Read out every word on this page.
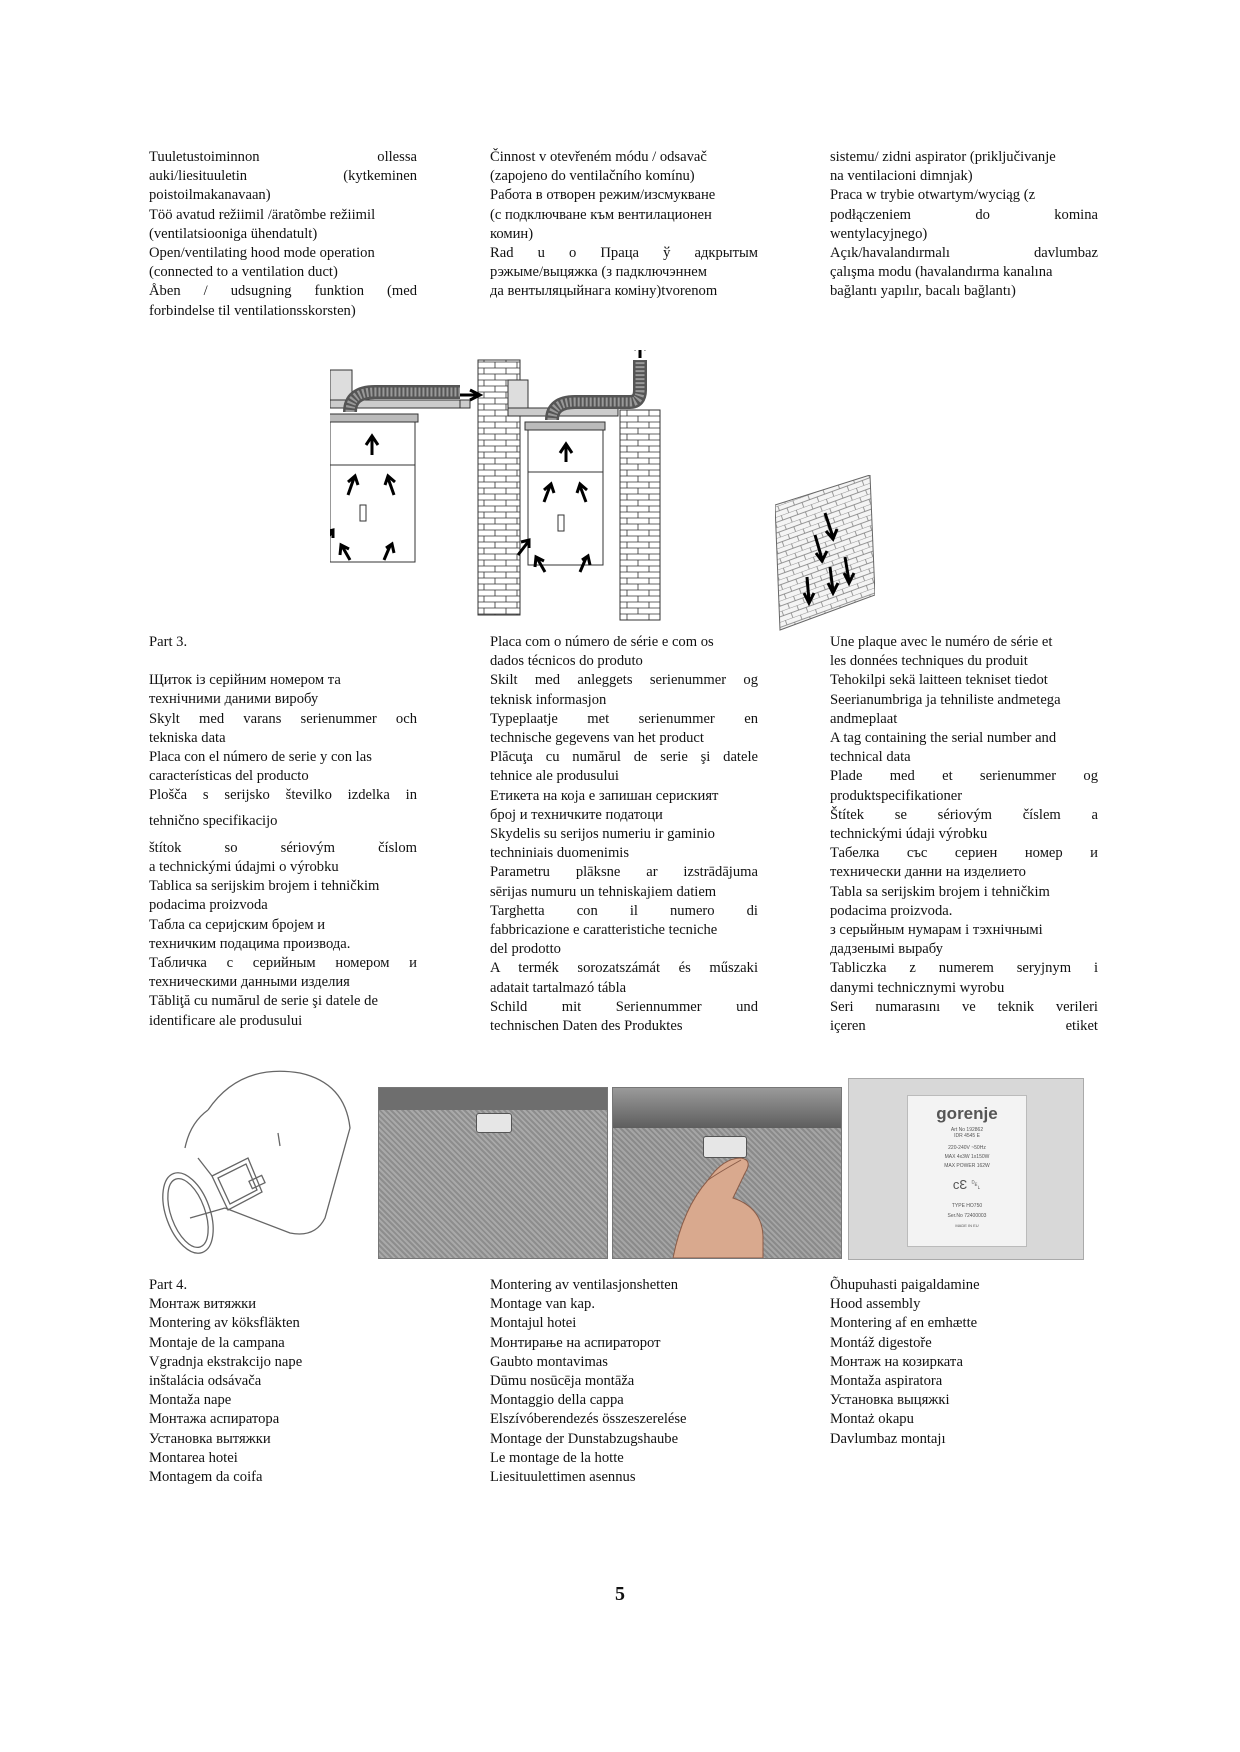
Tuuletustoiminnon ollessa
auki/liesituuletin (kytkeminen
poistoilmakanavaan)
Töö avatud režiimil /äratõmbe režiimil
(ventilatsiooniga ühendatult)
Open/ventilating hood mode operation
(connected to a ventilation duct)
Åben / udsugning funktion (med
forbindelse til ventilationsskorsten)
Činnost v otevřeném módu / odsavač
(zapojeno do ventilačního komínu)
Работа в отворен режим/изсмукване
(с подключване към вентилационен
комин)
Rad u o Праца ў адкрытым
рэжыме/выцяжка (з падключэннем
да вентыляцыйнага коміну)tvorenom
sistemu/ zidni aspirator (priključivanje
na ventilacioni dimnjak)
Praca w trybie otwartym/wyciąg (z
podłączeniem do komina
wentylacyjnego)
Açık/havalandırmalı davlumbaz
çalışma modu (havalandırma kanalına
bağlantı yapılır, bacalı bağlantı)
Part 3.
Щиток із серійним номером та
технічними даними виробу
Skylt med varans serienummer och
tekniska data
Placa con el número de serie y con las
características del producto
Plošča s serijsko številko izdelka in
tehnično specifikacijo
štítok so sériovým číslom
a technickými údajmi o výrobku
Tablica sa serijskim brojem i tehničkim
podacima proizvoda
Табла са серијским бројем и
техничким подацима производа.
Табличка с серийным номером и
техническими данными изделия
Tăbliţă cu numărul de serie şi datele de
identificare ale produsului
Placa com o número de série e com os
dados técnicos do produto
Skilt med anleggets serienummer og
teknisk informasjon
Typeplaatje met serienummer en
technische gegevens van het product
Plăcuţa cu numărul de serie şi datele
tehnice ale produsului
Етикета на која е запишан сериският
број и техничките податоци
Skydelis su serijos numeriu ir gaminio
techniniais duomenimis
Parametru plāksne ar izstrādājuma
sērijas numuru un tehniskajiem datiem
Targhetta con il numero di
fabbricazione e caratteristiche tecniche
del prodotto
A termék sorozatszámát és műszaki
adatait tartalmazó tábla
Schild mit Seriennummer und
technischen Daten des Produktes
Une plaque avec le numéro de série et
les données techniques du produit
Tehokilpi sekä laitteen tekniset tiedot
Seerianumbriga ja tehniliste andmetega
andmeplaat
A tag containing the serial number and
technical data
Plade med et serienummer og
produktspecifikationer
Štítek se sériovým číslem a
technickými údaji výrobku
Табелка със сериен номер и
технически данни на изделието
Tabla sa serijskim brojem i tehničkim
podacima proizvoda.
з серыйным нумарам і тэхнічнымі
дадзенымі вырабу
Tabliczka z numerem seryjnym i
danymi technicznymi wyrobu
Seri numarasını ve teknik verileri
içeren etiket
gorenje
Art No 192862
IDR 4545 E
220-240V ~50Hz
MAX 4x3W 1x150W
MAX POWER 162W
ϲƐ ␡
TYPE HO750
Ser.No 72400003
MADE IN EU
Part 4.
Монтаж витяжки
Montering av köksfläkten
Montaje de la campana
Vgradnja ekstrakcijo nape
inštalácia odsávača
Montaža nape
Монтажа аспиратора
Установка вытяжки
Montarea hotei
Montagem da coifa
Montering av ventilasjonshetten
Montage van kap.
Montajul hotei
Монтирање на аспираторот
Gaubto montavimas
Dūmu nosūcēja montāža
Montaggio della cappa
Elszívóberendezés összeszerelése
Montage der Dunstabzugshaube
Le montage de la hotte
Liesituulettimen asennus
Õhupuhasti paigaldamine
Hood assembly
Montering af en emhætte
Montáž digestoře
Монтаж на козирката
Montaža aspiratora
Установка выцяжкі
Montaż okapu
Davlumbaz montajı
5
